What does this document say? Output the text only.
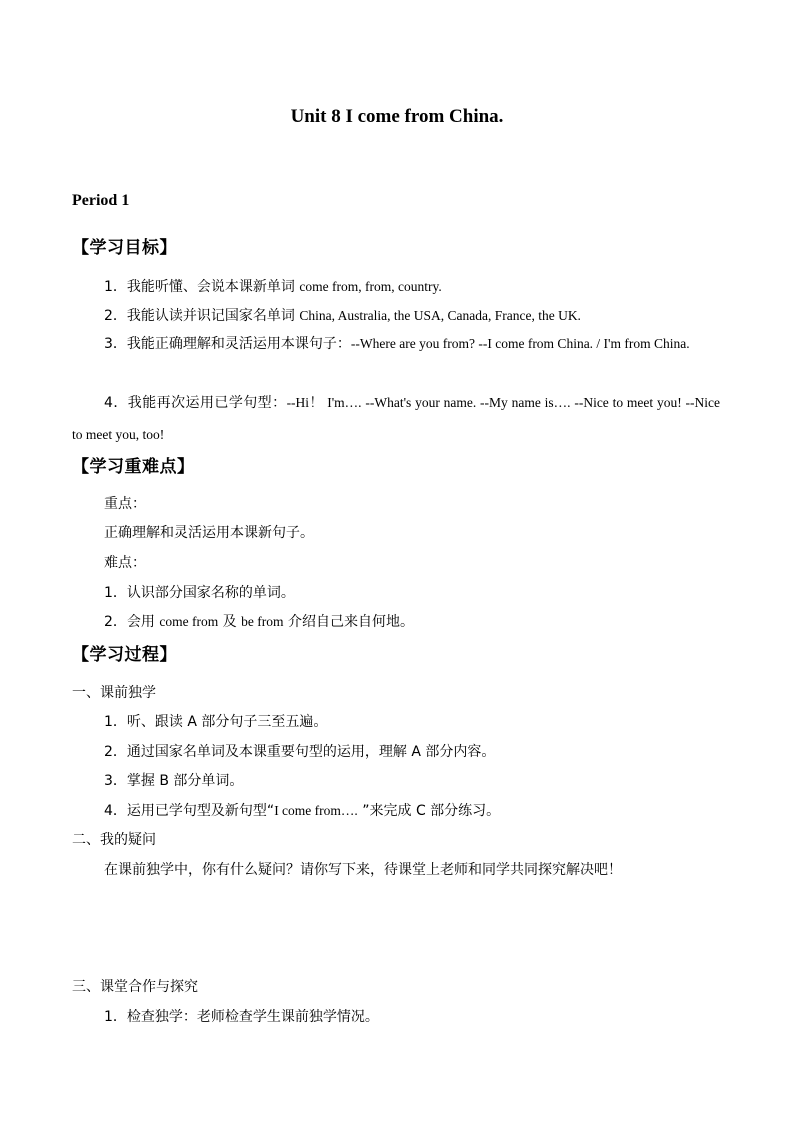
Unit 8 I come from China.
Period 1
【学习目标】
1．我能听懂、会说本课新单词 come from, from, country.
2．我能认读并识记国家名单词 China, Australia, the USA, Canada, France, the UK.
3．我能正确理解和灵活运用本课句子：--Where are you from? --I come from China. / I'm from China.
4．我能再次运用已学句型：--Hi！ I'm…. --What's your name. --My name is…. --Nice to meet you! --Nice to meet you, too!
【学习重难点】
重点：
正确理解和灵活运用本课新句子。
难点：
1．认识部分国家名称的单词。
2．会用 come from 及 be from 介绍自己来自何地。
【学习过程】
一、课前独学
1．听、跟读 A 部分句子三至五遍。
2．通过国家名单词及本课重要句型的运用，理解 A 部分内容。
3．掌握 B 部分单词。
4．运用已学句型及新句型“I come from…. ”来完成 C 部分练习。
二、我的疑问
在课前独学中，你有什么疑问？请你写下来，待课堂上老师和同学共同探究解决吧！
三、课堂合作与探究
1．检查独学：老师检查学生课前独学情况。
